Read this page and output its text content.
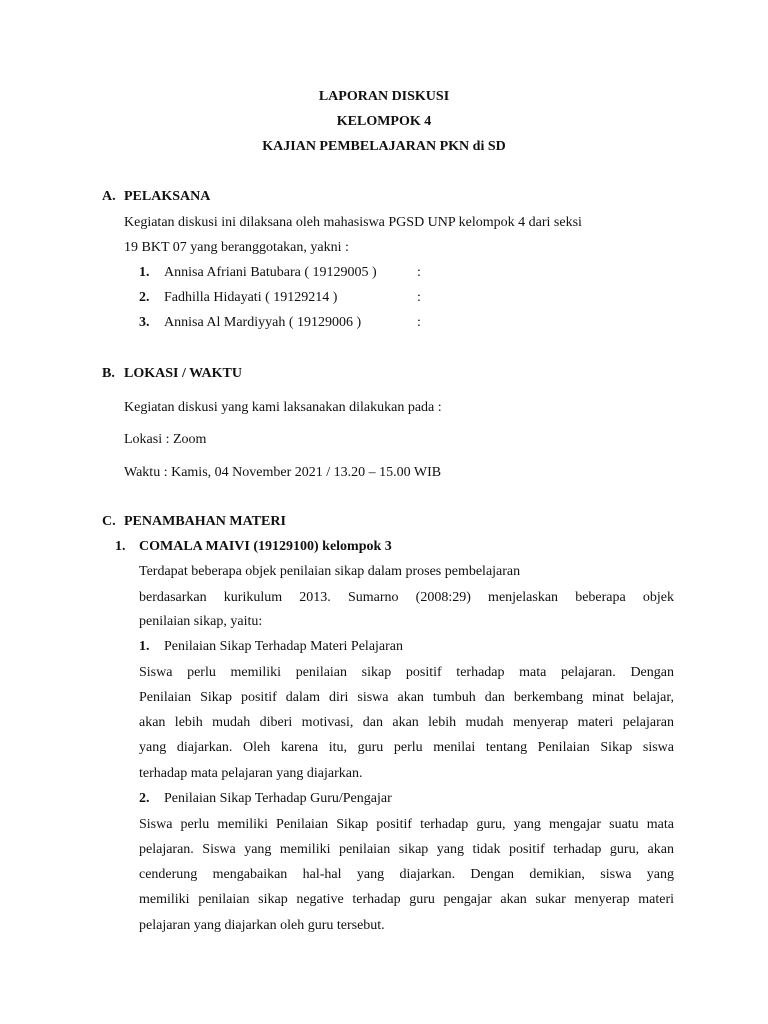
LAPORAN DISKUSI
KELOMPOK 4
KAJIAN PEMBELAJARAN PKN di SD
A. PELAKSANA
Kegiatan diskusi ini dilaksana oleh mahasiswa PGSD UNP kelompok 4 dari seksi
19 BKT 07 yang beranggotakan, yakni :
1. Annisa Afriani Batubara ( 19129005 )	:
2. Fadhilla Hidayati ( 19129214 )	:
3. Annisa Al Mardiyyah ( 19129006 )	:
B. LOKASI / WAKTU
Kegiatan diskusi yang kami laksanakan dilakukan pada :
Lokasi : Zoom
Waktu : Kamis, 04 November 2021 / 13.20 – 15.00 WIB
C. PENAMBAHAN MATERI
1. COMALA MAIVI (19129100) kelompok 3
Terdapat beberapa objek penilaian sikap dalam proses pembelajaran
berdasarkan kurikulum 2013. Sumarno (2008:29) menjelaskan beberapa objek
penilaian sikap, yaitu:
1. Penilaian Sikap Terhadap Materi Pelajaran
Siswa perlu memiliki penilaian sikap positif terhadap mata pelajaran. Dengan
Penilaian Sikap positif dalam diri siswa akan tumbuh dan berkembang minat belajar,
akan lebih mudah diberi motivasi, dan akan lebih mudah menyerap materi pelajaran
yang diajarkan. Oleh karena itu, guru perlu menilai tentang Penilaian Sikap siswa
terhadap mata pelajaran yang diajarkan.
2. Penilaian Sikap Terhadap Guru/Pengajar
Siswa perlu memiliki Penilaian Sikap positif terhadap guru, yang mengajar suatu mata
pelajaran. Siswa yang memiliki penilaian sikap yang tidak positif terhadap guru, akan
cenderung mengabaikan hal-hal yang diajarkan. Dengan demikian, siswa yang
memiliki penilaian sikap negative terhadap guru pengajar akan sukar menyerap materi
pelajaran yang diajarkan oleh guru tersebut.
